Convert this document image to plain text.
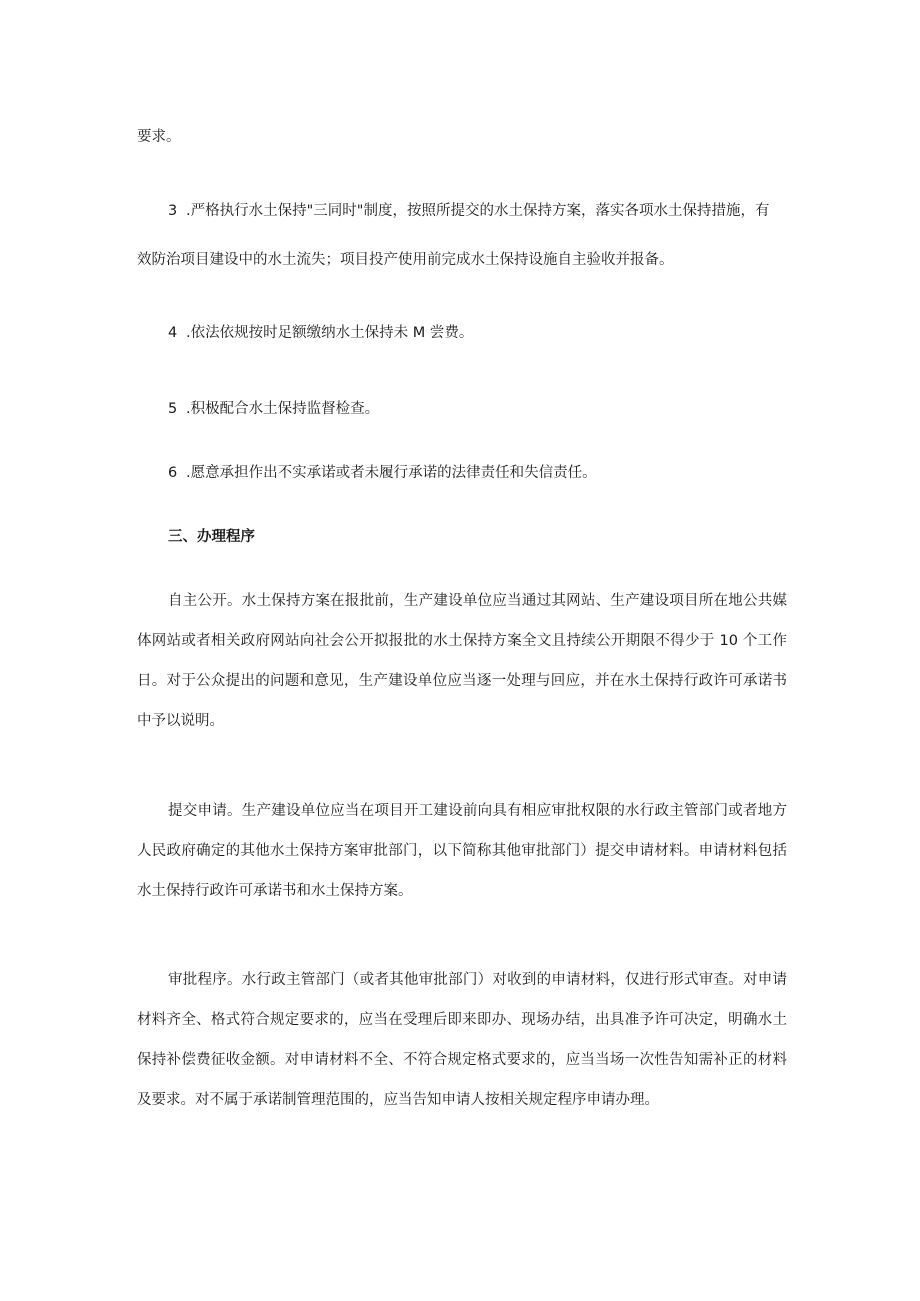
要求。

3 .严格执行水土保持"三同时"制度，按照所提交的水土保持方案，落实各项水土保持措施，有

效防治项目建设中的水土流失；项目投产使用前完成水土保持设施自主验收并报备。

4 .依法依规按时足额缴纳水土保持未 M 尝费。
5 .积极配合水土保持监督检查。
6 .愿意承担作出不实承诺或者未履行承诺的法律责任和失信责任。
三、办理程序

自主公开。水土保持方案在报批前，生产建设单位应当通过其网站、生产建设项目所在地公共媒体网站或者相关政府网站向社会公开拟报批的水土保持方案全文且持续公开期限不得少于 10 个工作日。对于公众提出的问题和意见，生产建设单位应当逐一处理与回应，并在水土保持行政许可承诺书中予以说明。

提交申请。生产建设单位应当在项目开工建设前向具有相应审批权限的水行政主管部门或者地方人民政府确定的其他水土保持方案审批部门，以下简称其他审批部门）提交申请材料。申请材料包括水土保持行政许可承诺书和水土保持方案。

审批程序。水行政主管部门（或者其他审批部门）对收到的申请材料，仅进行形式审查。对申请材料齐全、格式符合规定要求的，应当在受理后即来即办、现场办结，出具准予许可决定，明确水土保持补偿费征收金额。对申请材料不全、不符合规定格式要求的，应当当场一次性告知需补正的材料及要求。对不属于承诺制管理范围的，应当告知申请人按相关规定程序申请办理。
